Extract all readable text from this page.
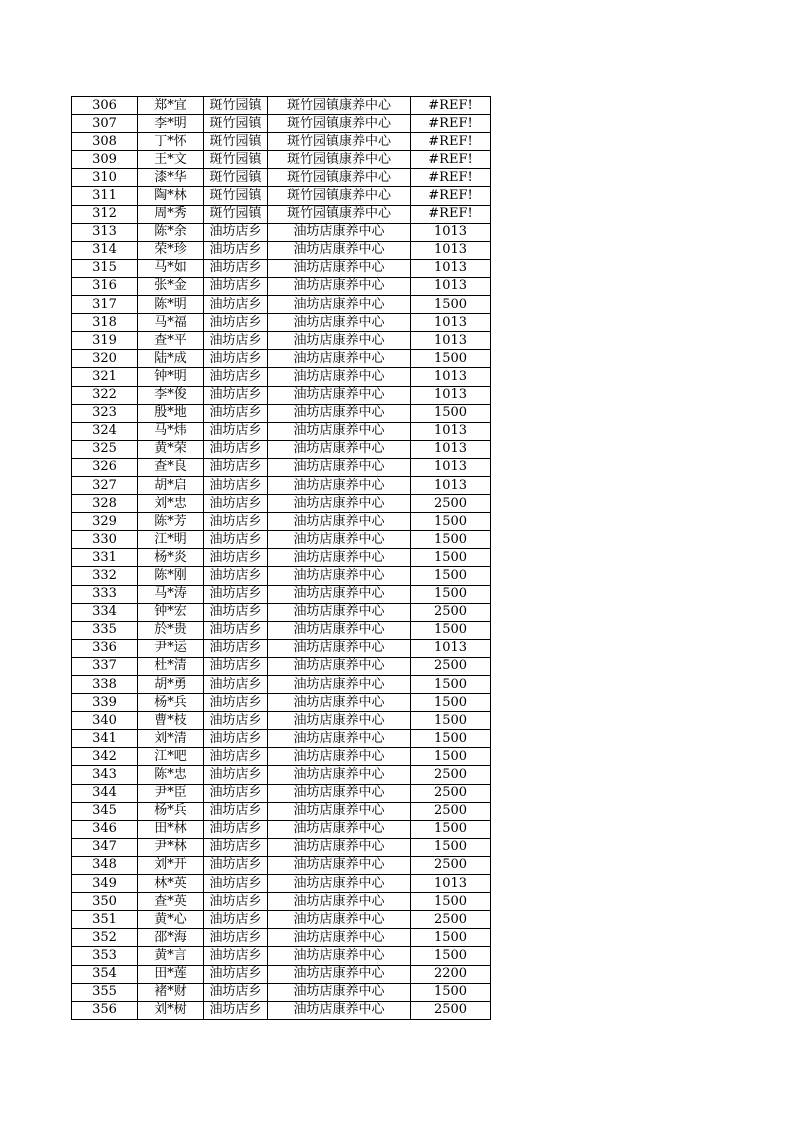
306	郑*宜	斑竹园镇	斑竹园镇康养中心	#REF!
307	李*明	斑竹园镇	斑竹园镇康养中心	#REF!
308	丁*怀	斑竹园镇	斑竹园镇康养中心	#REF!
309	王*文	斑竹园镇	斑竹园镇康养中心	#REF!
310	漆*华	斑竹园镇	斑竹园镇康养中心	#REF!
311	陶*林	斑竹园镇	斑竹园镇康养中心	#REF!
312	周*秀	斑竹园镇	斑竹园镇康养中心	#REF!
313	陈*余	油坊店乡	油坊店康养中心	1013
314	荣*珍	油坊店乡	油坊店康养中心	1013
315	马*如	油坊店乡	油坊店康养中心	1013
316	张*金	油坊店乡	油坊店康养中心	1013
317	陈*明	油坊店乡	油坊店康养中心	1500
318	马*福	油坊店乡	油坊店康养中心	1013
319	查*平	油坊店乡	油坊店康养中心	1013
320	陆*成	油坊店乡	油坊店康养中心	1500
321	钟*明	油坊店乡	油坊店康养中心	1013
322	李*俊	油坊店乡	油坊店康养中心	1013
323	殷*地	油坊店乡	油坊店康养中心	1500
324	马*炜	油坊店乡	油坊店康养中心	1013
325	黄*荣	油坊店乡	油坊店康养中心	1013
326	查*良	油坊店乡	油坊店康养中心	1013
327	胡*启	油坊店乡	油坊店康养中心	1013
328	刘*忠	油坊店乡	油坊店康养中心	2500
329	陈*芳	油坊店乡	油坊店康养中心	1500
330	江*明	油坊店乡	油坊店康养中心	1500
331	杨*炎	油坊店乡	油坊店康养中心	1500
332	陈*刚	油坊店乡	油坊店康养中心	1500
333	马*涛	油坊店乡	油坊店康养中心	1500
334	钟*宏	油坊店乡	油坊店康养中心	2500
335	於*贵	油坊店乡	油坊店康养中心	1500
336	尹*运	油坊店乡	油坊店康养中心	1013
337	杜*清	油坊店乡	油坊店康养中心	2500
338	胡*勇	油坊店乡	油坊店康养中心	1500
339	杨*兵	油坊店乡	油坊店康养中心	1500
340	曹*枝	油坊店乡	油坊店康养中心	1500
341	刘*清	油坊店乡	油坊店康养中心	1500
342	江*吧	油坊店乡	油坊店康养中心	1500
343	陈*忠	油坊店乡	油坊店康养中心	2500
344	尹*臣	油坊店乡	油坊店康养中心	2500
345	杨*兵	油坊店乡	油坊店康养中心	2500
346	田*林	油坊店乡	油坊店康养中心	1500
347	尹*林	油坊店乡	油坊店康养中心	1500
348	刘*开	油坊店乡	油坊店康养中心	2500
349	林*英	油坊店乡	油坊店康养中心	1013
350	查*英	油坊店乡	油坊店康养中心	1500
351	黄*心	油坊店乡	油坊店康养中心	2500
352	邵*海	油坊店乡	油坊店康养中心	1500
353	黄*言	油坊店乡	油坊店康养中心	1500
354	田*莲	油坊店乡	油坊店康养中心	2200
355	褚*财	油坊店乡	油坊店康养中心	1500
356	刘*树	油坊店乡	油坊店康养中心	2500
